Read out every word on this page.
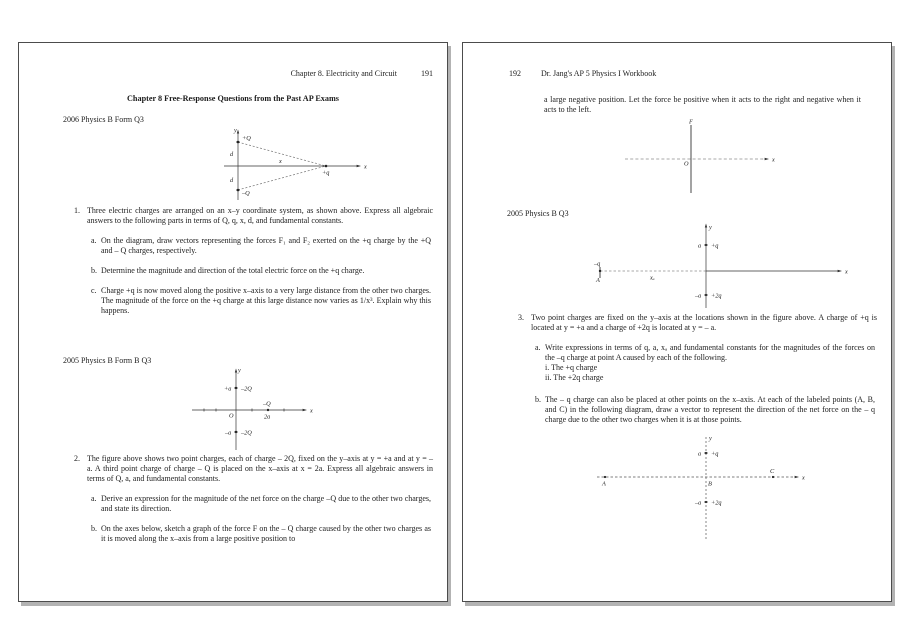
Chapter 8. Electricity and Circuit	191
Chapter 8 Free-Response Questions from the Past AP Exams
2006 Physics B Form Q3
y
x
+Q
–Q
+q
d
d
x
1. Three electric charges are arranged on an x–y coordinate system, as shown above. Express all algebraic answers to the following parts in terms of Q, q, x, d, and fundamental constants.
a. On the diagram, draw vectors representing the forces F₁ and F₂ exerted on the +q charge by the +Q and – Q charges, respectively.
b. Determine the magnitude and direction of the total electric force on the +q charge.
c. Charge +q is now moved along the positive x–axis to a very large distance from the other two charges. The magnitude of the force on the +q charge at this large distance now varies as 1/x³. Explain why this happens.
2005 Physics B Form B Q3
y
x
+a –2Q
O
–a –2Q
–Q
2a
2. The figure above shows two point charges, each of charge – 2Q, fixed on the y–axis at y = +a and at y = – a. A third point charge of charge – Q is placed on the x–axis at x = 2a. Express all algebraic answers in terms of Q, a, and fundamental constants.
a. Derive an expression for the magnitude of the net force on the charge –Q due to the other two charges, and state its direction.
b. On the axes below, sketch a graph of the force F on the – Q charge caused by the other two charges as it is moved along the x–axis from a large positive position to
192	Dr. Jang's AP 5 Physics I Workbook
a large negative position. Let the force be positive when it acts to the right and negative when it acts to the left.
F
x
O
2005 Physics B Q3
y
x
a +q
–a +2q
A
–q
xₐ
3. Two point charges are fixed on the y–axis at the locations shown in the figure above. A charge of +q is located at y = +a and a charge of +2q is located at y = – a.
a. Write expressions in terms of q, a, xₐ and fundamental constants for the magnitudes of the forces on the –q charge at point A caused by each of the following.
i. The +q charge
ii. The +2q charge
b. The – q charge can also be placed at other points on the x–axis. At each of the labeled points (A, B, and C) in the following diagram, draw a vector to represent the direction of the net force on the – q charge due to the other two charges when it is at those points.
y
x
a +q
–a +2q
A	B
C
